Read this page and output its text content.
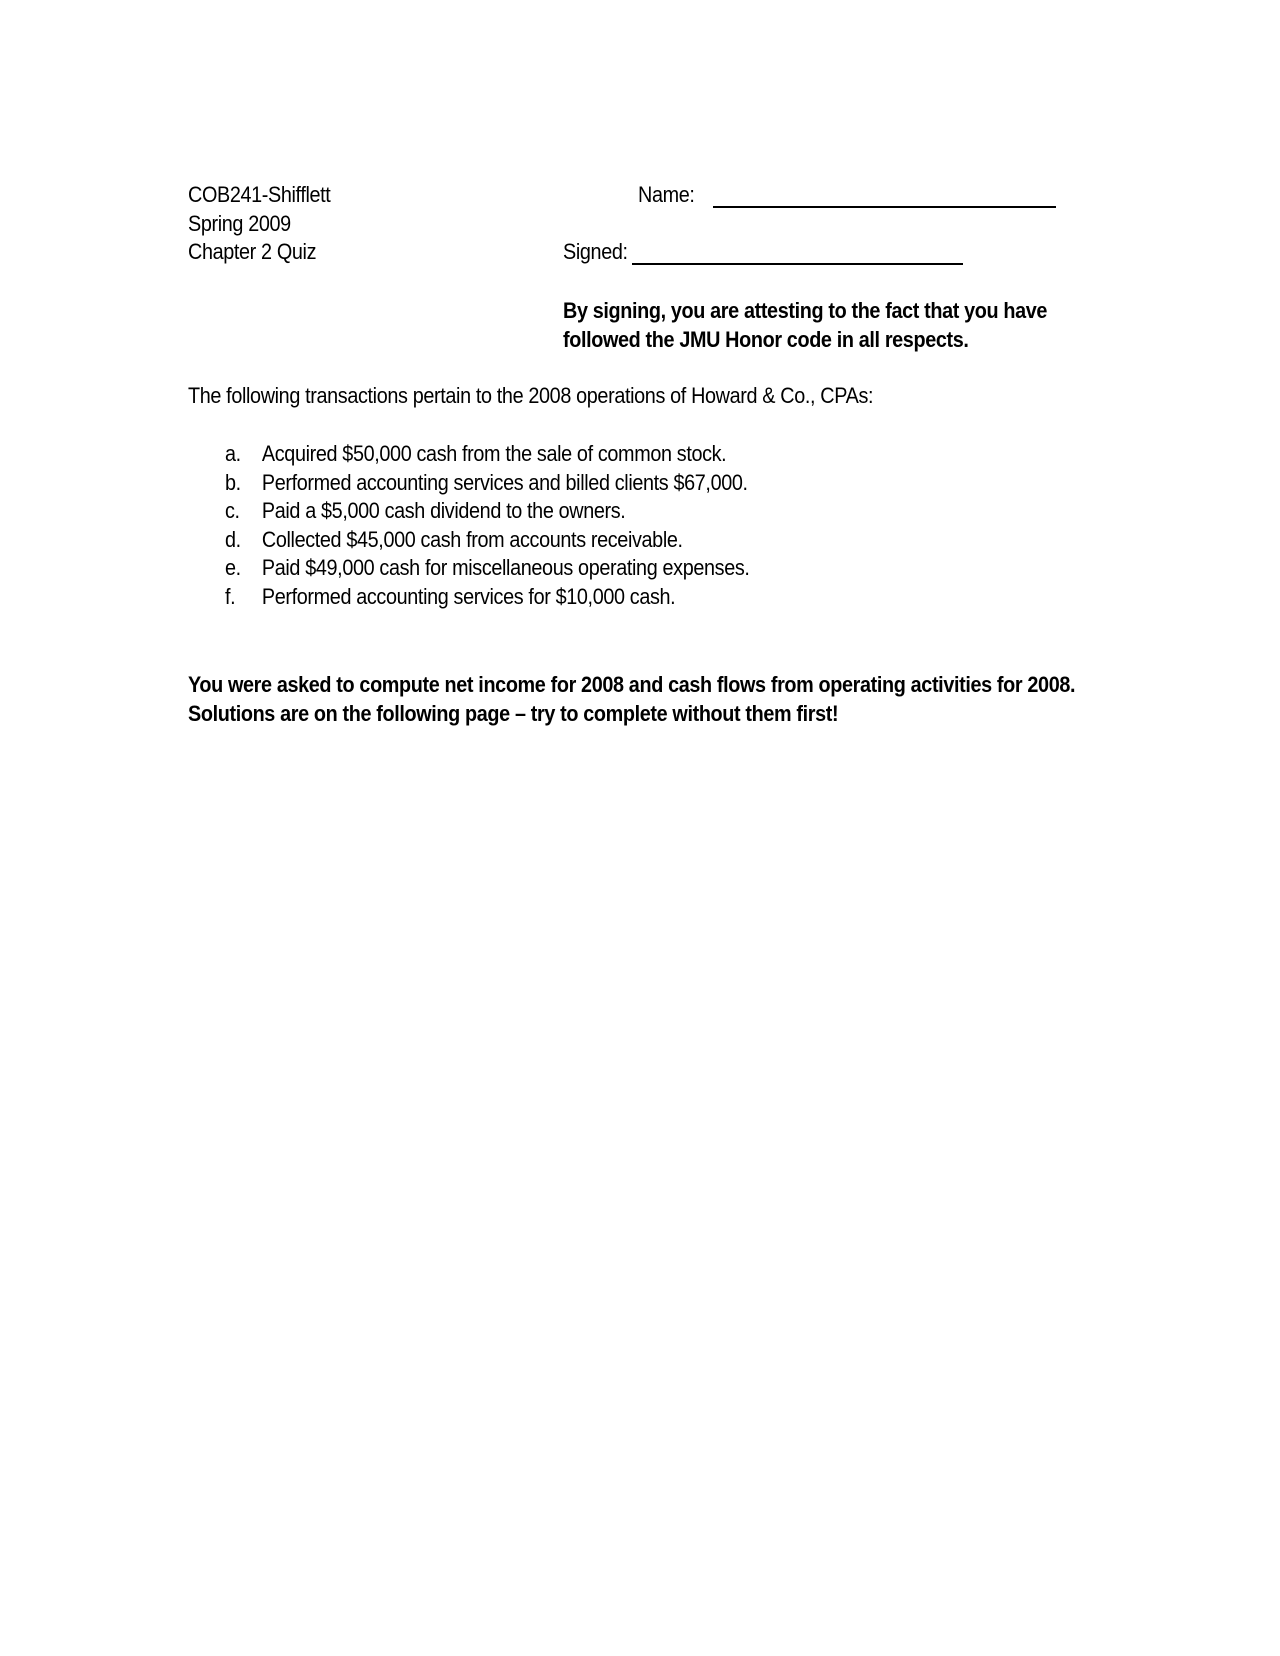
COB241-Shifflett
Spring 2009
Chapter 2 Quiz
Name:
Signed:
By signing, you are attesting to the fact that you have followed the JMU Honor code in all respects.
The following transactions pertain to the 2008 operations of Howard & Co., CPAs:
a. Acquired $50,000 cash from the sale of common stock.
b. Performed accounting services and billed clients $67,000.
c.	Paid a $5,000 cash dividend to the owners.
d. Collected $45,000 cash from accounts receivable.
e. Paid $49,000 cash for miscellaneous operating expenses.
f.	Performed accounting services for $10,000 cash.
You were asked to compute net income for 2008 and cash flows from operating activities for 2008. Solutions are on the following page – try to complete without them first!
